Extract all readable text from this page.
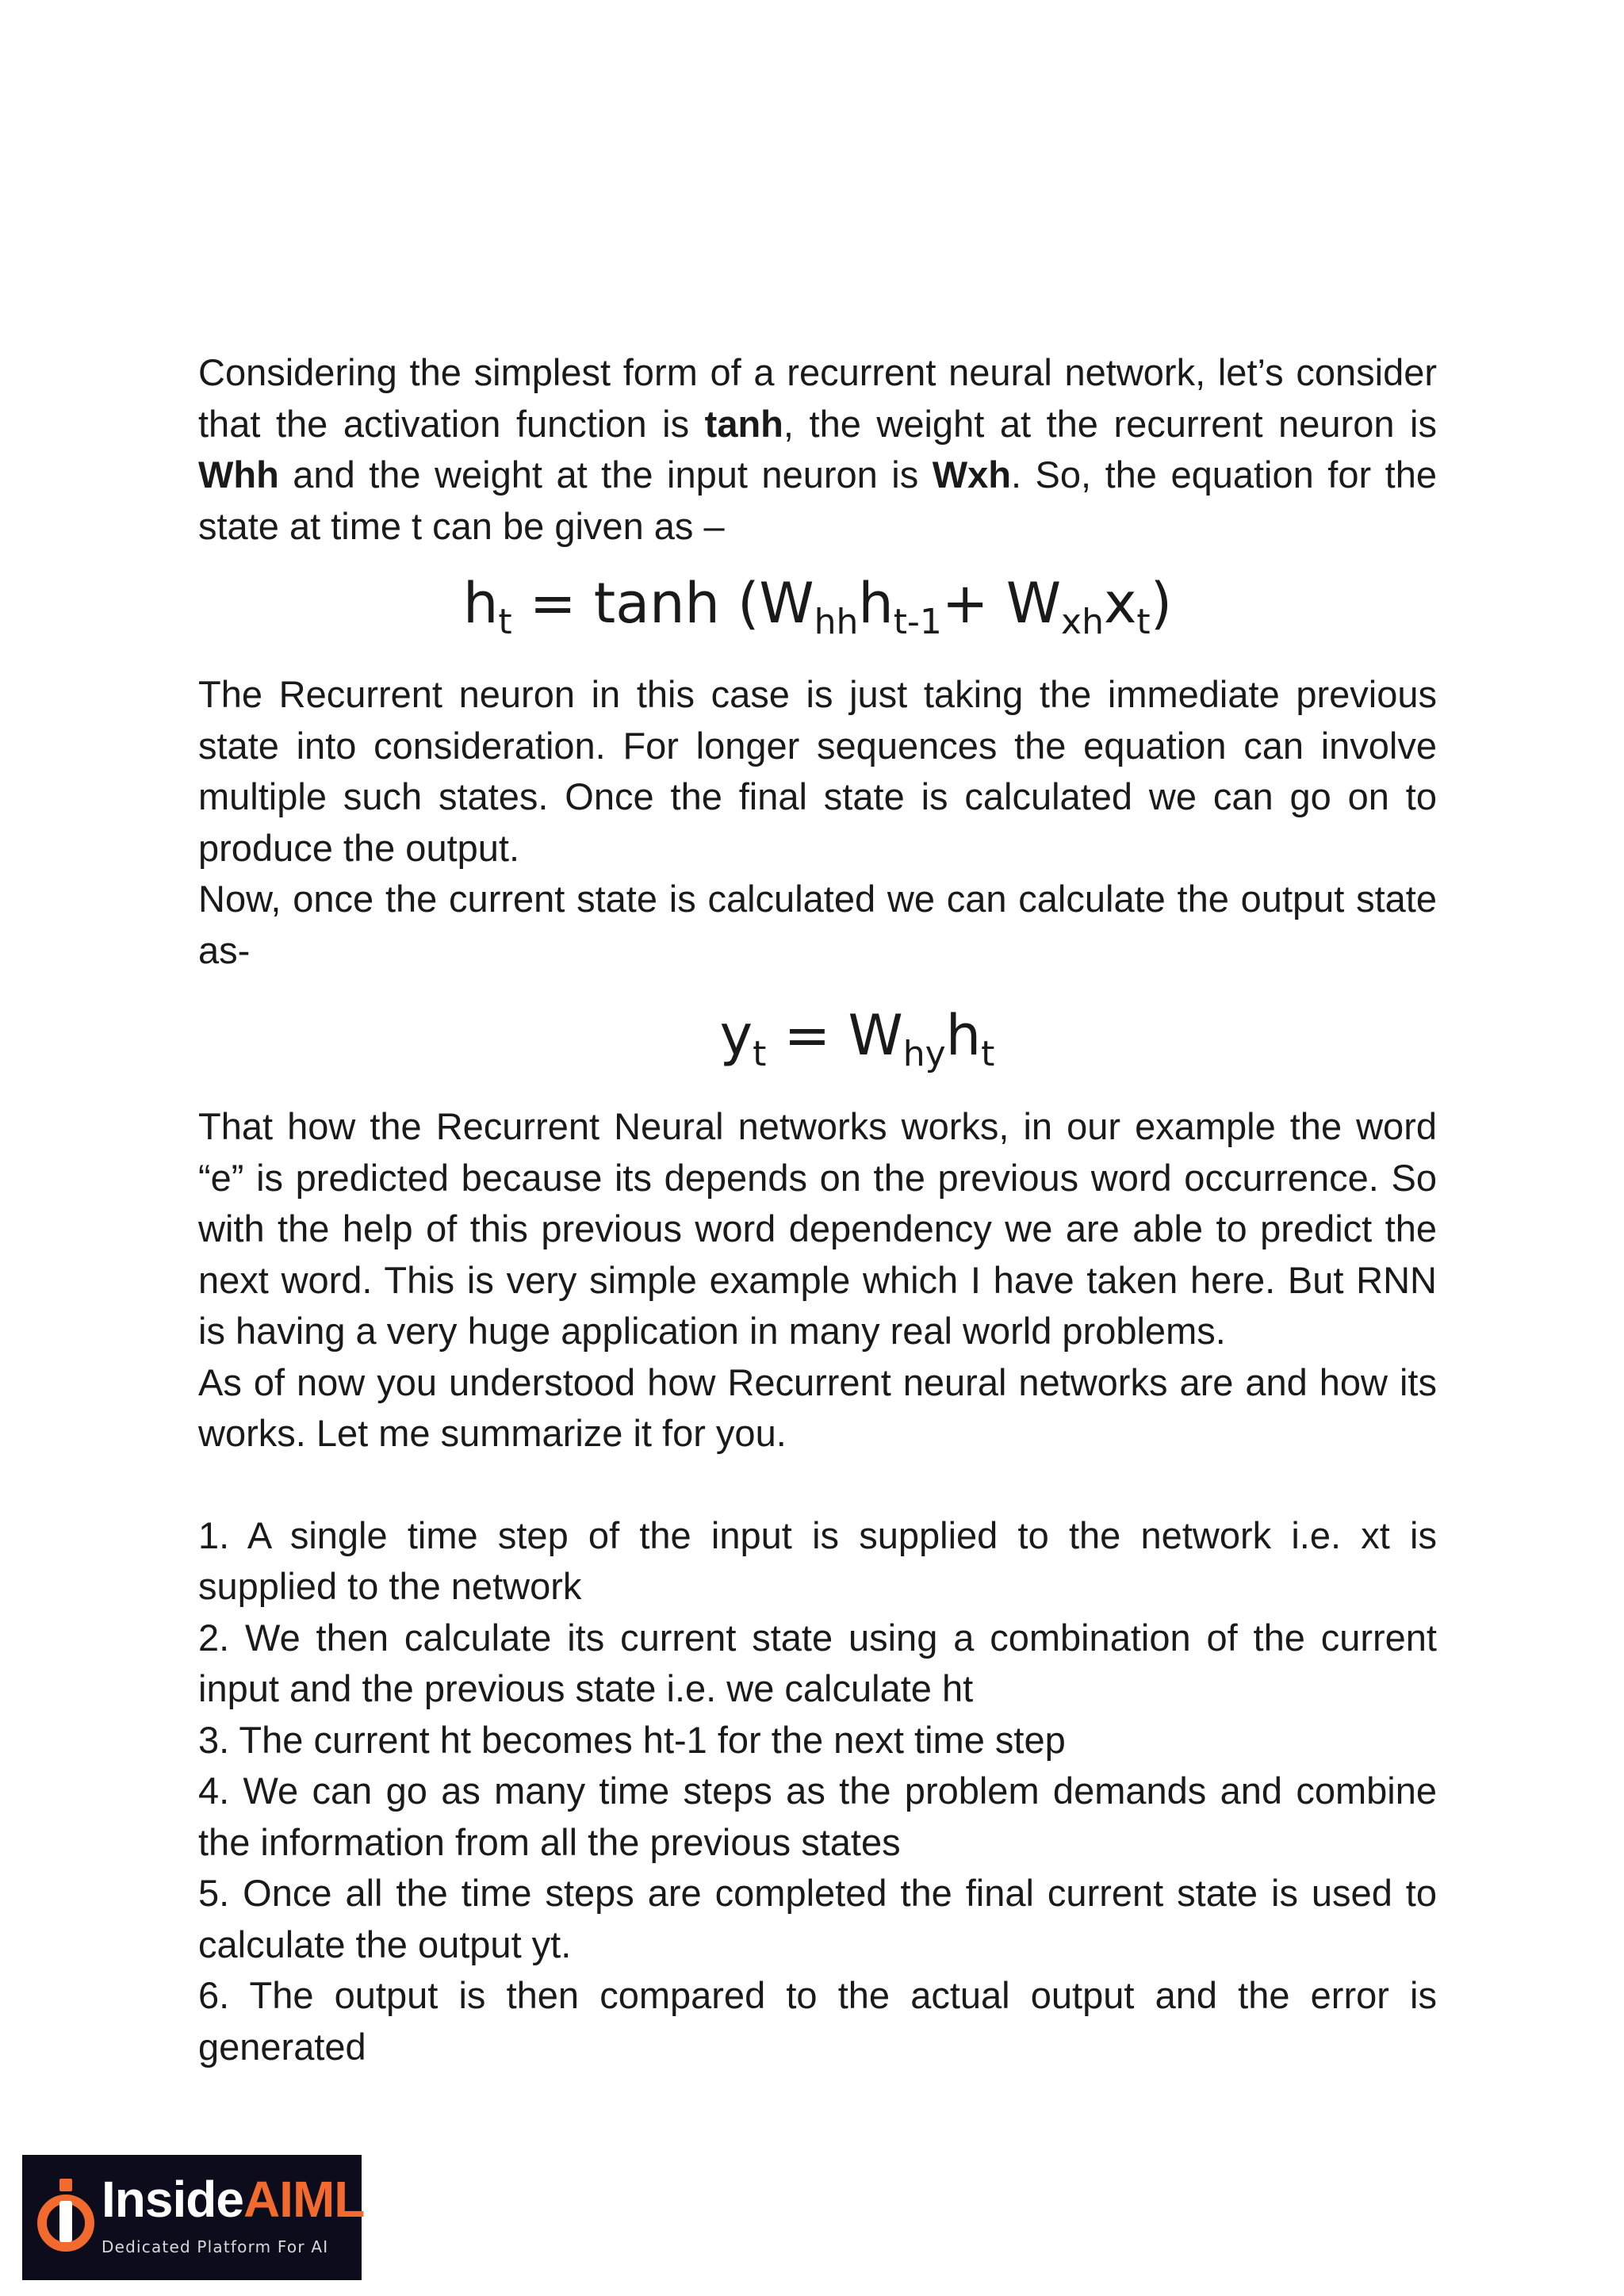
Considering the simplest form of a recurrent neural network, let’s consider that the activation function is tanh, the weight at the recurrent neuron is Whh and the weight at the input neuron is Wxh. So, the equation for the state at time t can be given as –

$h_t = \tanh (W_{hh}h_{t-1}+ W_{xh}x_t)$

The Recurrent neuron in this case is just taking the immediate previous state into consideration. For longer sequences the equation can involve multiple such states. Once the final state is calculated we can go on to produce the output.

Now, once the current state is calculated we can calculate the output state as-

$y_t = W_{hy}h_t$

That how the Recurrent Neural networks works, in our example the word “e” is predicted because its depends on the previous word occurrence. So with the help of this previous word dependency we are able to predict the next word. This is very simple example which I have taken here. But RNN is having a very huge application in many real world problems.

As of now you understood how Recurrent neural networks are and how its works. Let me summarize it for you.

1. A single time step of the input is supplied to the network i.e. xt is supplied to the network

2. We then calculate its current state using a combination of the current input and the previous state i.e. we calculate ht

3. The current ht becomes ht-1 for the next time step

4. We can go as many time steps as the problem demands and combine the information from all the previous states

5. Once all the time steps are completed the final current state is used to calculate the output yt.

6. The output is then compared to the actual output and the error is generated

InsideAIML
Dedicated Platform For AI
